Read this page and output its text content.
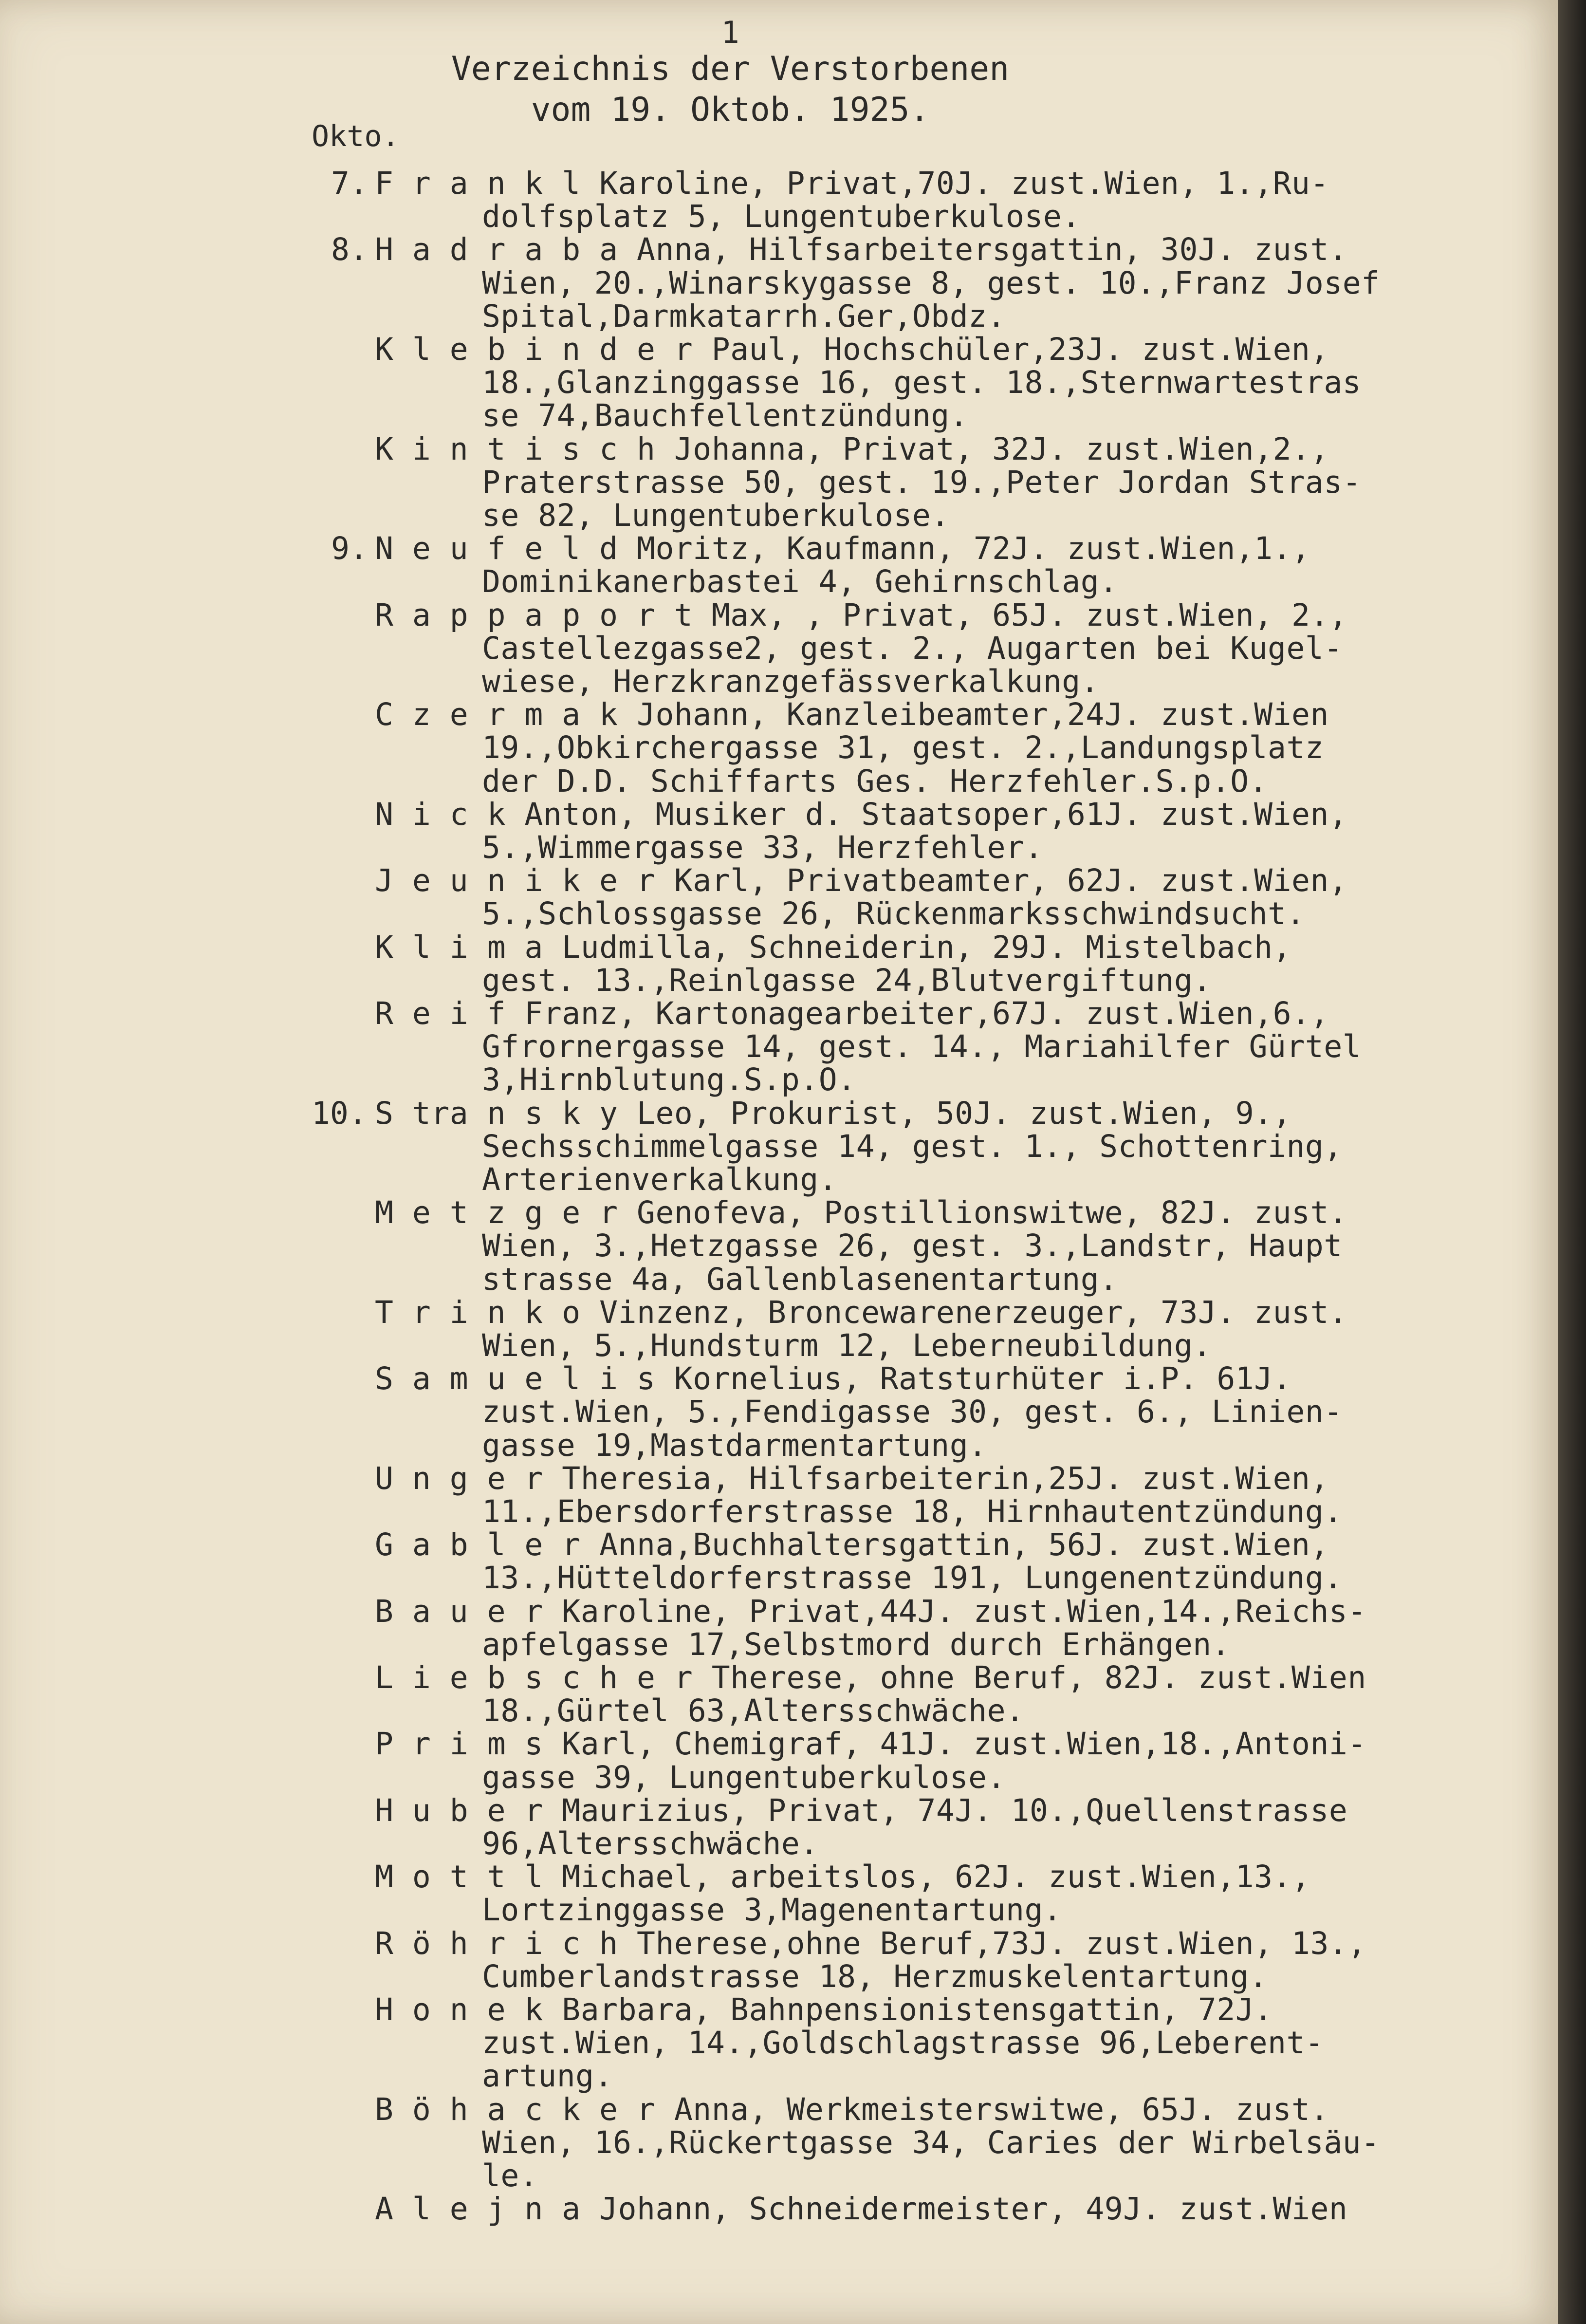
1
Verzeichnis der Verstorbenen
vom 19. Oktob. 1925.
Okto.
7. F r a n k l Karoline, Privat,70J. zust.Wien, 1.,Ru-
dolfsplatz 5, Lungentuberkulose.
8. H a d r a b a Anna, Hilfsarbeitersgattin, 30J. zust.
Wien, 20.,Winarskygasse 8, gest. 10.,Franz Josef
Spital,Darmkatarrh.Ger,Obdz.
K l e b i n d e r Paul, Hochschüler,23J. zust.Wien,
18.,Glanzinggasse 16, gest. 18.,Sternwartestras
se 74,Bauchfellentzündung.
K i n t i s c h Johanna, Privat, 32J. zust.Wien,2.,
Praterstrasse 50, gest. 19.,Peter Jordan Stras-
se 82, Lungentuberkulose.
9. N e u f e l d Moritz, Kaufmann, 72J. zust.Wien,1.,
Dominikanerbastei 4, Gehirnschlag.
R a p p a p o r t Max, , Privat, 65J. zust.Wien, 2.,
Castellezgasse2, gest. 2., Augarten bei Kugel-
wiese, Herzkranzgefässverkalkung.
C z e r m a k Johann, Kanzleibeamter,24J. zust.Wien
19.,Obkirchergasse 31, gest. 2.,Landungsplatz
der D.D. Schiffarts Ges. Herzfehler.S.p.O.
N i c k Anton, Musiker d. Staatsoper,61J. zust.Wien,
5.,Wimmergasse 33, Herzfehler.
J e u n i k e r Karl, Privatbeamter, 62J. zust.Wien,
5.,Schlossgasse 26, Rückenmarksschwindsucht.
K l i m a Ludmilla, Schneiderin, 29J. Mistelbach,
gest. 13.,Reinlgasse 24,Blutvergiftung.
R e i f Franz, Kartonagearbeiter,67J. zust.Wien,6.,
Gfrornergasse 14, gest. 14., Mariahilfer Gürtel
3,Hirnblutung.S.p.O.
10. S tra n s k y Leo, Prokurist, 50J. zust.Wien, 9.,
Sechsschimmelgasse 14, gest. 1., Schottenring,
Arterienverkalkung.
M e t z g e r Genofeva, Postillionswitwe, 82J. zust.
Wien, 3.,Hetzgasse 26, gest. 3.,Landstr, Haupt
strasse 4a, Gallenblasenentartung.
T r i n k o Vinzenz, Broncewarenerzeuger, 73J. zust.
Wien, 5.,Hundsturm 12, Leberneubildung.
S a m u e l i s Kornelius, Ratsturhüter i.P. 61J.
zust.Wien, 5.,Fendigasse 30, gest. 6., Linien-
gasse 19,Mastdarmentartung.
U n g e r Theresia, Hilfsarbeiterin,25J. zust.Wien,
11.,Ebersdorferstrasse 18, Hirnhautentzündung.
G a b l e r Anna,Buchhaltersgattin, 56J. zust.Wien,
13.,Hütteldorferstrasse 191, Lungenentzündung.
B a u e r Karoline, Privat,44J. zust.Wien,14.,Reichs-
apfelgasse 17,Selbstmord durch Erhängen.
L i e b s c h e r Therese, ohne Beruf, 82J. zust.Wien
18.,Gürtel 63,Altersschwäche.
P r i m s Karl, Chemigraf, 41J. zust.Wien,18.,Antoni-
gasse 39, Lungentuberkulose.
H u b e r Maurizius, Privat, 74J. 10.,Quellenstrasse
96,Altersschwäche.
M o t t l Michael, arbeitslos, 62J. zust.Wien,13.,
Lortzinggasse 3,Magenentartung.
R ö h r i c h Therese,ohne Beruf,73J. zust.Wien, 13.,
Cumberlandstrasse 18, Herzmuskelentartung.
H o n e k Barbara, Bahnpensionistensgattin, 72J.
zust.Wien, 14.,Goldschlagstrasse 96,Leberent-
artung.
B ö h a c k e r Anna, Werkmeisterswitwe, 65J. zust.
Wien, 16.,Rückertgasse 34, Caries der Wirbelsäu-
le.
A l e j n a Johann, Schneidermeister, 49J. zust.Wien
